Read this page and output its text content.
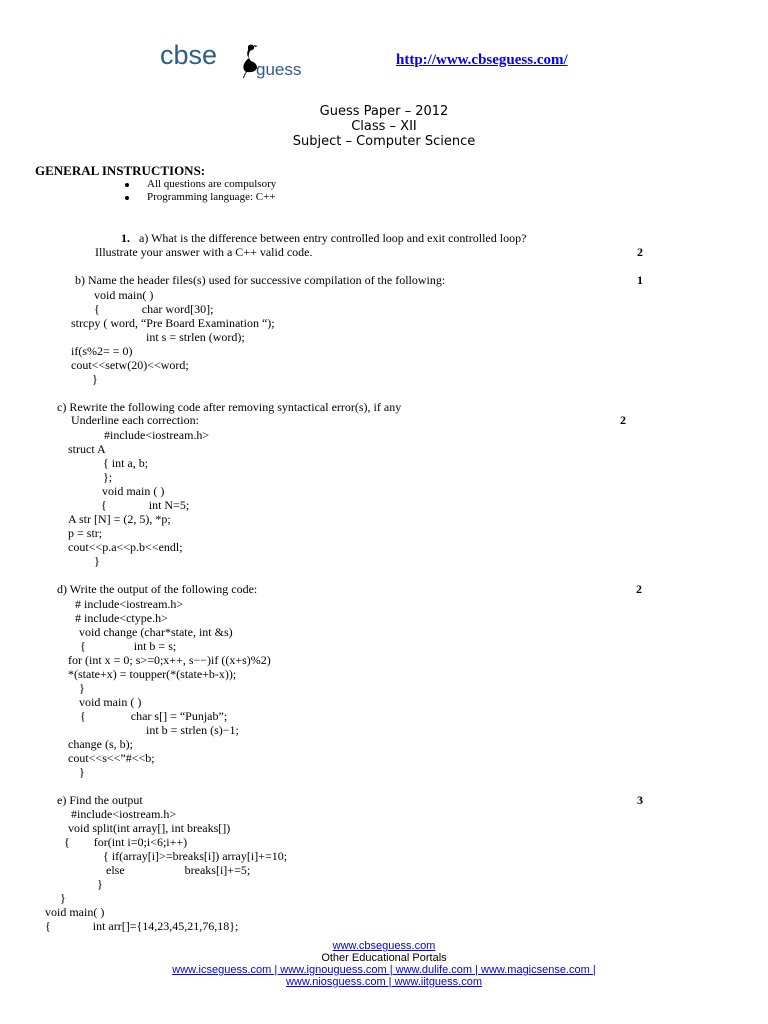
cbse guess	http://www.cbseguess.com/
Guess Paper – 2012
Class – XII
Subject – Computer Science
GENERAL INSTRUCTIONS:
All questions are compulsory
Programming language: C++
1. a) What is the difference between entry controlled loop and exit controlled loop?
Illustrate your answer with a C++ valid code.	2
b) Name the header files(s) used for successive compilation of the following:	1
void main( )
{              char word[30];
strcpy ( word, “Pre Board Examination “);
int s = strlen (word);
if(s%2= = 0)
cout<<setw(20)<<word;
}
c) Rewrite the following code after removing syntactical error(s), if any
Underline each correction:	2
#include<iostream.h>
struct A
{ int a, b;
};
void main ( )
{              int N=5;
A str [N] = (2, 5), *p;
p = str;
cout<<p.a<<p.b<<endl;
}
d) Write the output of the following code:	2
# include<iostream.h>
# include<ctype.h>
void change (char*state, int &s)
{                int b = s;
for (int x = 0; s>=0;x++, s−−)if ((x+s)%2)
*(state+x) = toupper(*(state+b-x));
}
void main ( )
{               char s[] = “Punjab”;
int b = strlen (s)−1;
change (s, b);
cout<<s<<”#<<b;
}
e) Find the output	3
#include<iostream.h>
void split(int array[], int breaks[])
{        for(int i=0;i<6;i++)
{ if(array[i]>=breaks[i]) array[i]+=10;
else                    breaks[i]+=5;
}
}
void main( )
{              int arr[]={14,23,45,21,76,18};
www.cbseguess.com
Other Educational Portals
www.icseguess.com | www.ignouguess.com | www.dulife.com | www.magicsense.com |
www.niosguess.com | www.iitguess.com
